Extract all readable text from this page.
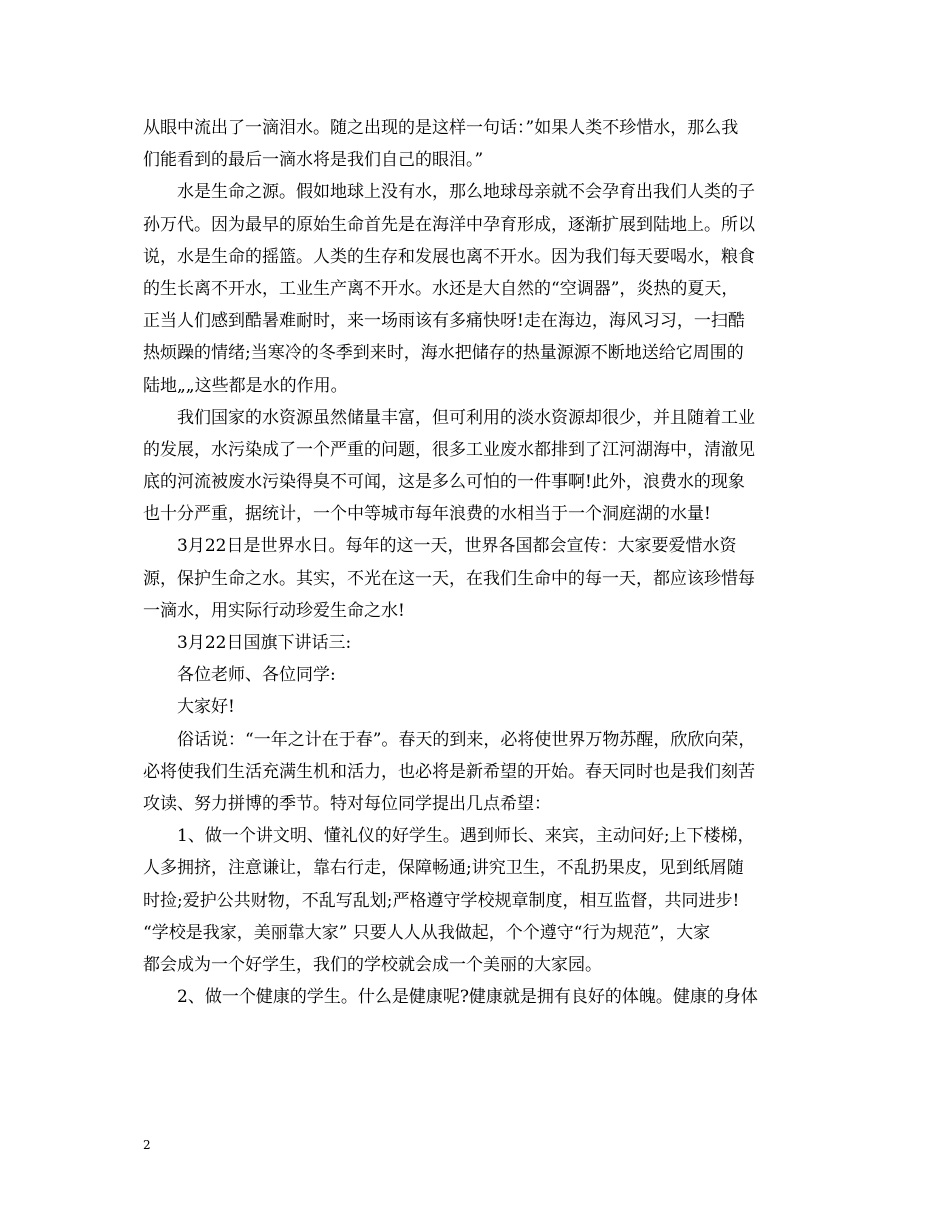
从眼中流出了一滴泪水。随之出现的是这样一句话：”如果人类不珍惜水，那么我
们能看到的最后一滴水将是我们自己的眼泪。”
水是生命之源。假如地球上没有水，那么地球母亲就不会孕育出我们人类的子
孙万代。因为最早的原始生命首先是在海洋中孕育形成，逐渐扩展到陆地上。所以
说，水是生命的摇篮。人类的生存和发展也离不开水。因为我们每天要喝水，粮食
的生长离不开水，工业生产离不开水。水还是大自然的“空调器”，炎热的夏天，
正当人们感到酷暑难耐时，来一场雨该有多痛快呀!走在海边，海风习习，一扫酷
热烦躁的情绪;当寒冷的冬季到来时，海水把储存的热量源源不断地送给它周围的
陆地„„这些都是水的作用。
我们国家的水资源虽然储量丰富，但可利用的淡水资源却很少，并且随着工业
的发展，水污染成了一个严重的问题，很多工业废水都排到了江河湖海中，清澈见
底的河流被废水污染得臭不可闻，这是多么可怕的一件事啊!此外，浪费水的现象
也十分严重，据统计，一个中等城市每年浪费的水相当于一个洞庭湖的水量!
3月22日是世界水日。每年的这一天，世界各国都会宣传：大家要爱惜水资
源，保护生命之水。其实，不光在这一天，在我们生命中的每一天，都应该珍惜每
一滴水，用实际行动珍爱生命之水!
3月22日国旗下讲话三:
各位老师、各位同学:
大家好!
俗话说：“一年之计在于春”。春天的到来，必将使世界万物苏醒，欣欣向荣，
必将使我们生活充满生机和活力，也必将是新希望的开始。春天同时也是我们刻苦
攻读、努力拼博的季节。特对每位同学提出几点希望：
1、做一个讲文明、懂礼仪的好学生。遇到师长、来宾，主动问好;上下楼梯，
人多拥挤，注意谦让，靠右行走，保障畅通;讲究卫生，不乱扔果皮，见到纸屑随
时捡;爱护公共财物，不乱写乱划;严格遵守学校规章制度，相互监督，共同进步!
“学校是我家，美丽靠大家” 只要人人从我做起，个个遵守“行为规范”，大家
都会成为一个好学生，我们的学校就会成一个美丽的大家园。
2、做一个健康的学生。什么是健康呢?健康就是拥有良好的体魄。健康的身体
2
